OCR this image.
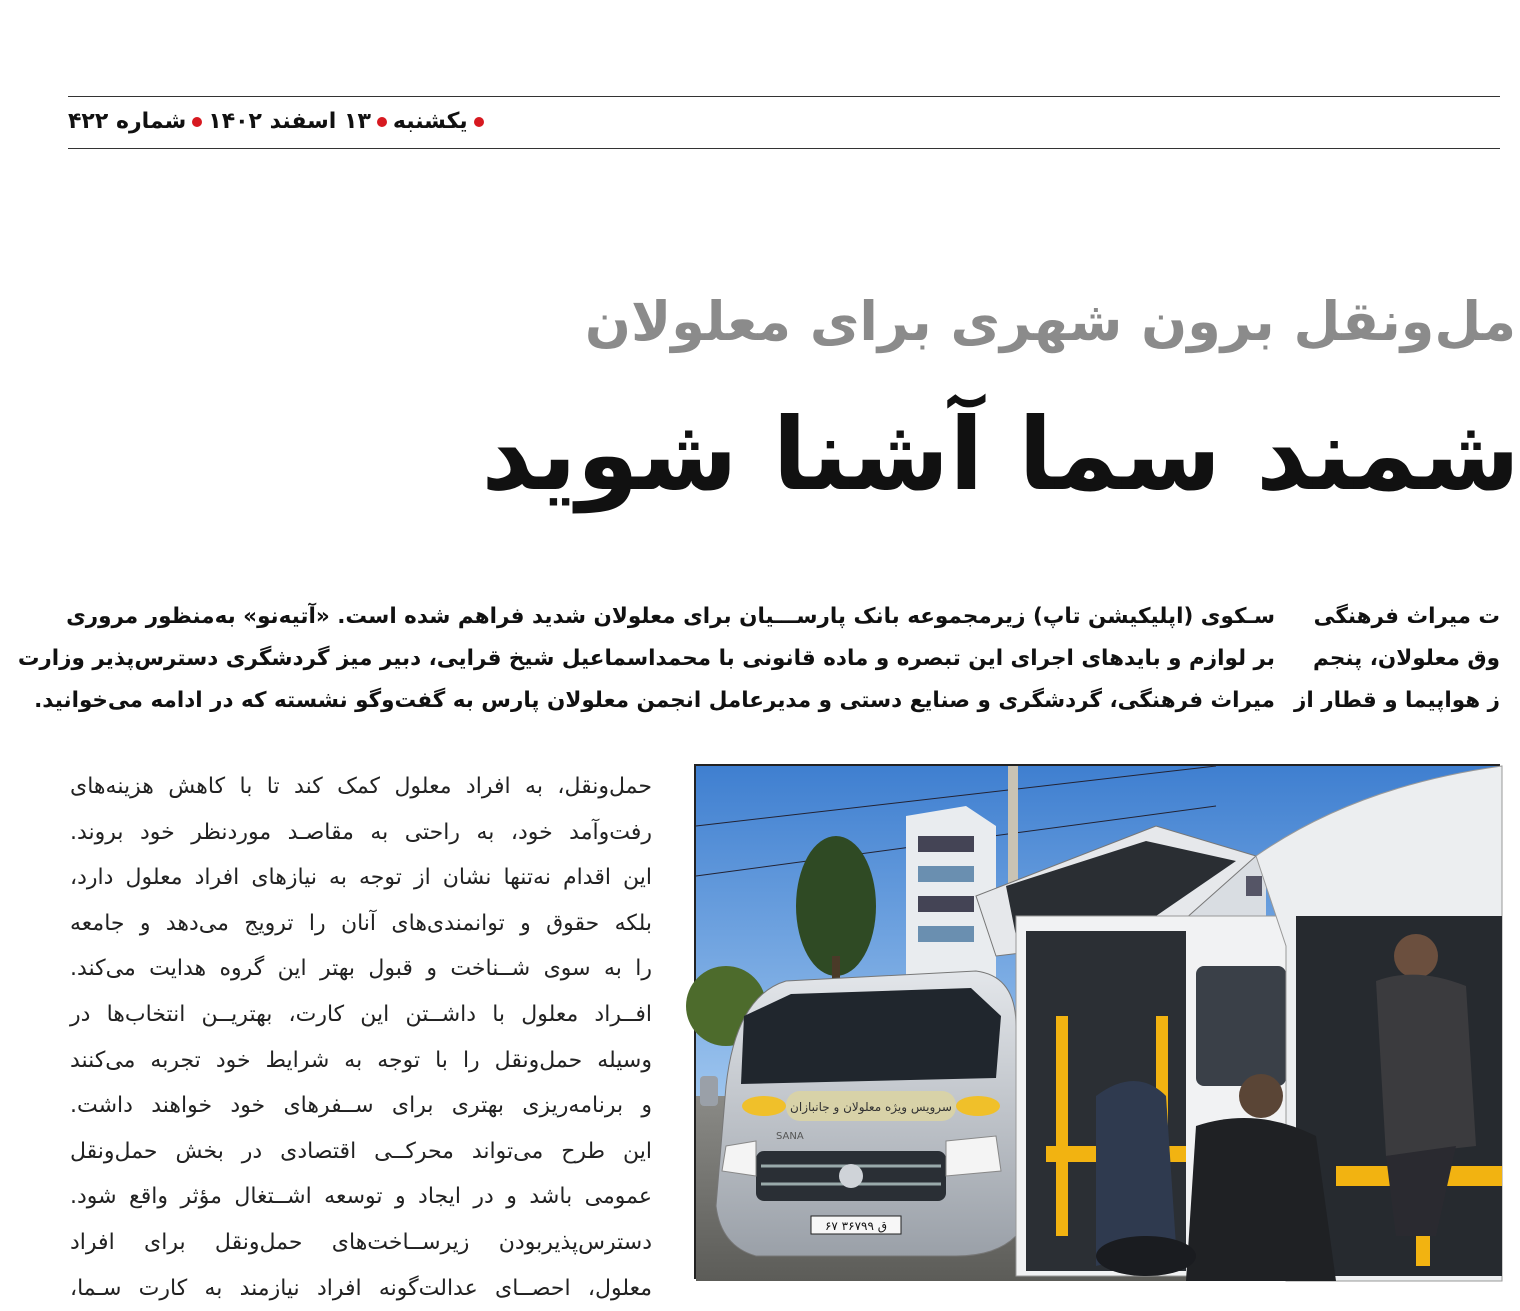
یکشنبه
۱۳ اسفند ۱۴۰۲
شماره ۴۲۲
مل‌ونقل برون شهری برای معلولان
شمند سما آشنا شوید
سـکوی (اپلیکیشن تاپ) زیرمجموعه بانک پارســـیان برای معلولان شدید فراهم شده است. «آتیه‌نو» به‌منظور مروری
بر لوازم و بایدهای اجرای این تبصره و ماده قانونی با محمداسماعیل شیخ قرایی، دبیر میز گردشگری دسترس‌پذیر وزارت
میراث فرهنگی، گردشگری و صنایع دستی و مدیرعامل انجمن معلولان پارس به گفت‌وگو نشسته که در ادامه می‌خوانید.
ت میراث فرهنگی
وق معلولان، پنجم
ز هواپیما و قطار از
حمل‌ونقل، به افراد معلول کمک کند تا با کاهش هزینه‌های
رفت‌وآمد خود، به راحتی به مقاصـد موردنظر خود بروند.
این اقدام نه‌تنها نشان از توجه به نیازهای افراد معلول دارد،
بلکه حقوق و توانمندی‌های آنان را ترویج می‌دهد و جامعه
را به سوی شــناخت و قبول بهتر این گروه هدایت می‌کند.
افــراد معلول با داشــتن این کارت، بهتریــن انتخاب‌ها در
وسیله حمل‌ونقل را با توجه به شرایط خود تجربه می‌کنند
و برنامه‌ریزی بهتری برای ســفرهای خود خواهند داشت.
این طرح می‌تواند محرکــی اقتصادی در بخش حمل‌ونقل
عمومی باشد و در ایجاد و توسعه اشــتغال مؤثر واقع شود.
دسترس‌پذیربودن زیرســاخت‌های حمل‌ونقل برای افراد
معلول، احصــای عدالت‌گونه افراد نیازمند به کارت سـما،
سرویس ویژه معلولان و جانبازان
SANA
۶۷ ق ۳۶۷۹۹
